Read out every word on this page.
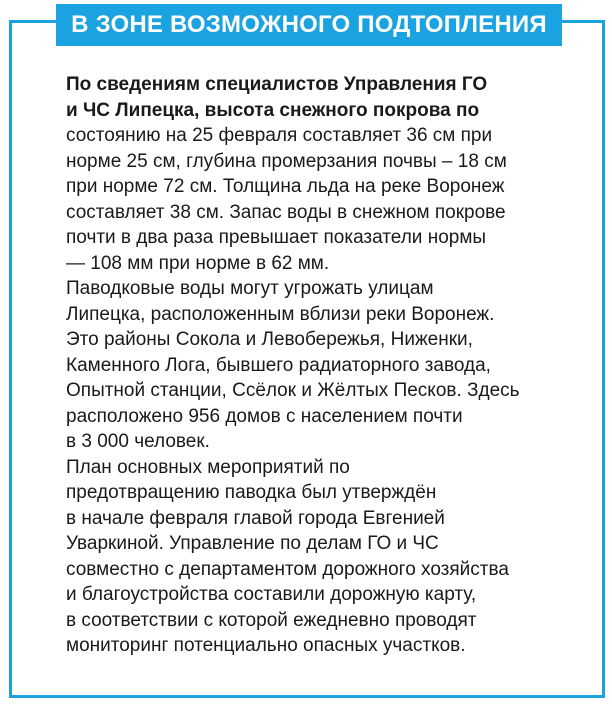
В ЗОНЕ ВОЗМОЖНОГО ПОДТОПЛЕНИЯ
По сведениям специалистов Управления ГО
и ЧС Липецка, высота снежного покрова по
состоянию на 25 февраля составляет 36 см при
норме 25 см, глубина промерзания почвы – 18 см
при норме 72 см. Толщина льда на реке Воронеж
составляет 38 см. Запас воды в снежном покрове
почти в два раза превышает показатели нормы
— 108 мм при норме в 62 мм.
Паводковые воды могут угрожать улицам
Липецка, расположенным вблизи реки Воронеж.
Это районы Сокола и Левобережья, Ниженки,
Каменного Лога, бывшего радиаторного завода,
Опытной станции, Ссёлок и Жёлтых Песков. Здесь
расположено 956 домов с населением почти
в 3 000 человек.
План основных мероприятий по
предотвращению паводка был утверждён
в начале февраля главой города Евгенией
Уваркиной. Управление по делам ГО и ЧС
совместно с департаментом дорожного хозяйства
и благоустройства составили дорожную карту,
в соответствии с которой ежедневно проводят
мониторинг потенциально опасных участков.
